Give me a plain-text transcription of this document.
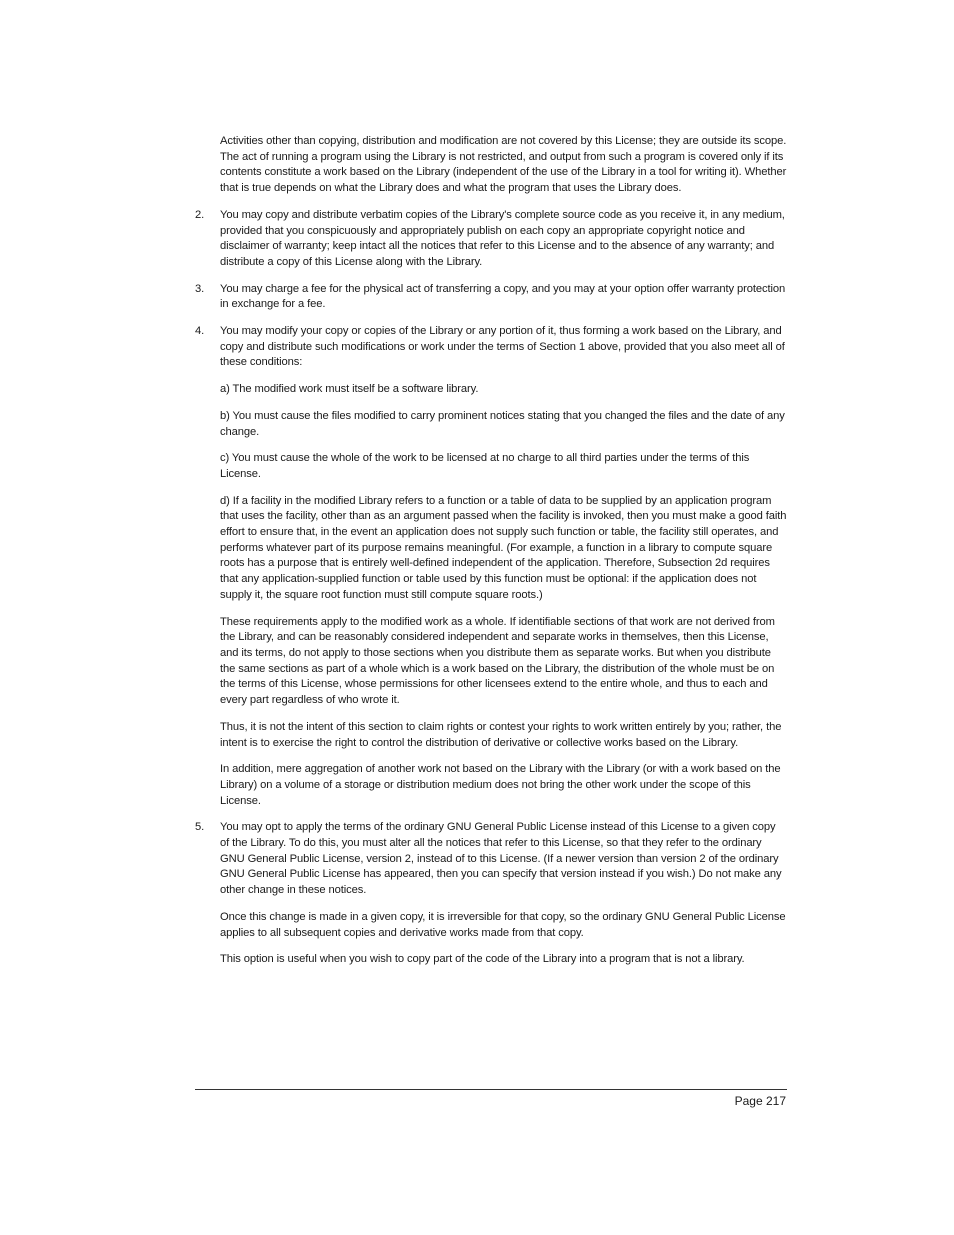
Activities other than copying, distribution and modification are not covered by this License; they are outside its scope. The act of running a program using the Library is not restricted, and output from such a program is covered only if its contents constitute a work based on the Library (independent of the use of the Library in a tool for writing it). Whether that is true depends on what the Library does and what the program that uses the Library does.

2.	You may copy and distribute verbatim copies of the Library's complete source code as you receive it, in any medium, provided that you conspicuously and appropriately publish on each copy an appropriate copyright notice and disclaimer of warranty; keep intact all the notices that refer to this License and to the absence of any warranty; and distribute a copy of this License along with the Library.
3.	You may charge a fee for the physical act of transferring a copy, and you may at your option offer warranty protection in exchange for a fee.
4.	You may modify your copy or copies of the Library or any portion of it, thus forming a work based on the Library, and copy and distribute such modifications or work under the terms of Section 1 above, provided that you also meet all of these conditions:

a) The modified work must itself be a software library.

b) You must cause the files modified to carry prominent notices stating that you changed the files and the date of any change.

c) You must cause the whole of the work to be licensed at no charge to all third parties under the terms of this License.

d) If a facility in the modified Library refers to a function or a table of data to be supplied by an application program that uses the facility, other than as an argument passed when the facility is invoked, then you must make a good faith effort to ensure that, in the event an application does not supply such function or table, the facility still operates, and performs whatever part of its purpose remains meaningful. (For example, a function in a library to compute square roots has a purpose that is entirely well-defined independent of the application. Therefore, Subsection 2d requires that any application-supplied function or table used by this function must be optional: if the application does not supply it, the square root function must still compute square roots.)

These requirements apply to the modified work as a whole. If identifiable sections of that work are not derived from the Library, and can be reasonably considered independent and separate works in themselves, then this License, and its terms, do not apply to those sections when you distribute them as separate works. But when you distribute the same sections as part of a whole which is a work based on the Library, the distribution of the whole must be on the terms of this License, whose permissions for other licensees extend to the entire whole, and thus to each and every part regardless of who wrote it.

Thus, it is not the intent of this section to claim rights or contest your rights to work written entirely by you; rather, the intent is to exercise the right to control the distribution of derivative or collective works based on the Library.

In addition, mere aggregation of another work not based on the Library with the Library (or with a work based on the Library) on a volume of a storage or distribution medium does not bring the other work under the scope of this License.

5.	You may opt to apply the terms of the ordinary GNU General Public License instead of this License to a given copy of the Library. To do this, you must alter all the notices that refer to this License, so that they refer to the ordinary GNU General Public License, version 2, instead of to this License. (If a newer version than version 2 of the ordinary GNU General Public License has appeared, then you can specify that version instead if you wish.) Do not make any other change in these notices.

Once this change is made in a given copy, it is irreversible for that copy, so the ordinary GNU General Public License applies to all subsequent copies and derivative works made from that copy.

This option is useful when you wish to copy part of the code of the Library into a program that is not a library.

Page 217
